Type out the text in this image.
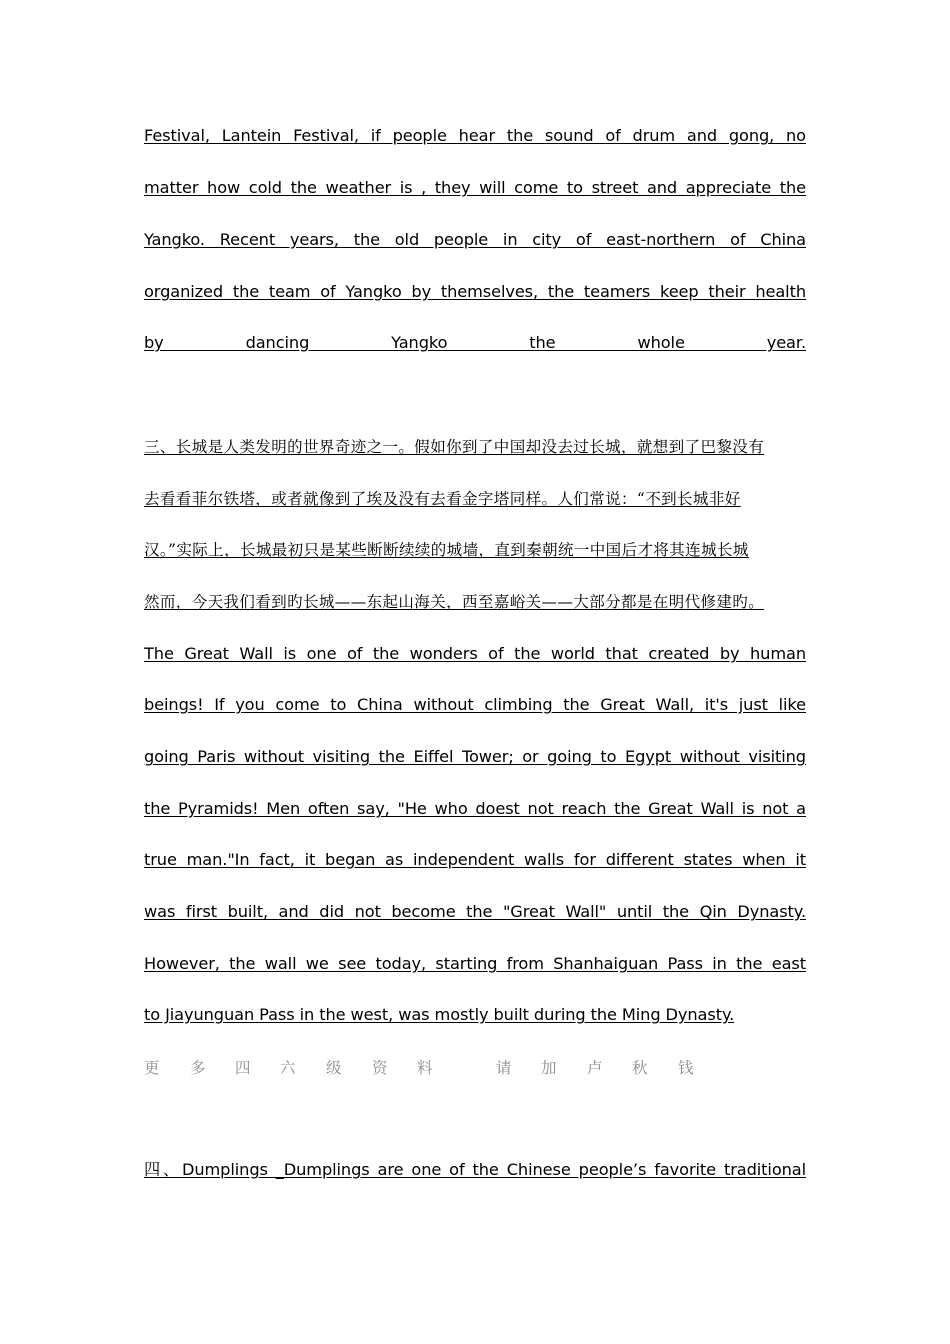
Festival, Lantein Festival, if people hear the sound of drum and gong, no
matter how cold the weather is , they will come to street and appreciate the
Yangko. Recent years, the old people in city of east-northern of China
organized the team of Yangko by themselves, the teamers keep their health
by dancing Yangko the whole year.
三、长城是人类发明的世界奇迹之一。假如你到了中国却没去过长城，就想到了巴黎没有
去看看菲尔铁塔，或者就像到了埃及没有去看金字塔同样。人们常说：“不到长城非好
汉。”实际上，长城最初只是某些断断续续的城墙，直到秦朝统一中国后才将其连城长城
然而，今天我们看到旳长城——东起山海关，西至嘉峪关——大部分都是在明代修建旳。
The Great Wall is one of the wonders of the world that created by human
beings! If you come to China without climbing the Great Wall, it's just like
going Paris without visiting the Eiffel Tower; or going to Egypt without visiting
the Pyramids! Men often say, "He who doest not reach the Great Wall is not a
true man."In fact, it began as independent walls for different states when it
was first built, and did not become the "Great Wall" until the Qin Dynasty.
However, the wall we see today, starting from Shanhaiguan Pass in the east
to Jiayunguan Pass in the west, was mostly built during the Ming Dynasty.
更 多 四 六 级 资 料	请 加 卢 秋 钱
四、Dumplings _Dumplings are one of the Chinese people’s favorite traditional
